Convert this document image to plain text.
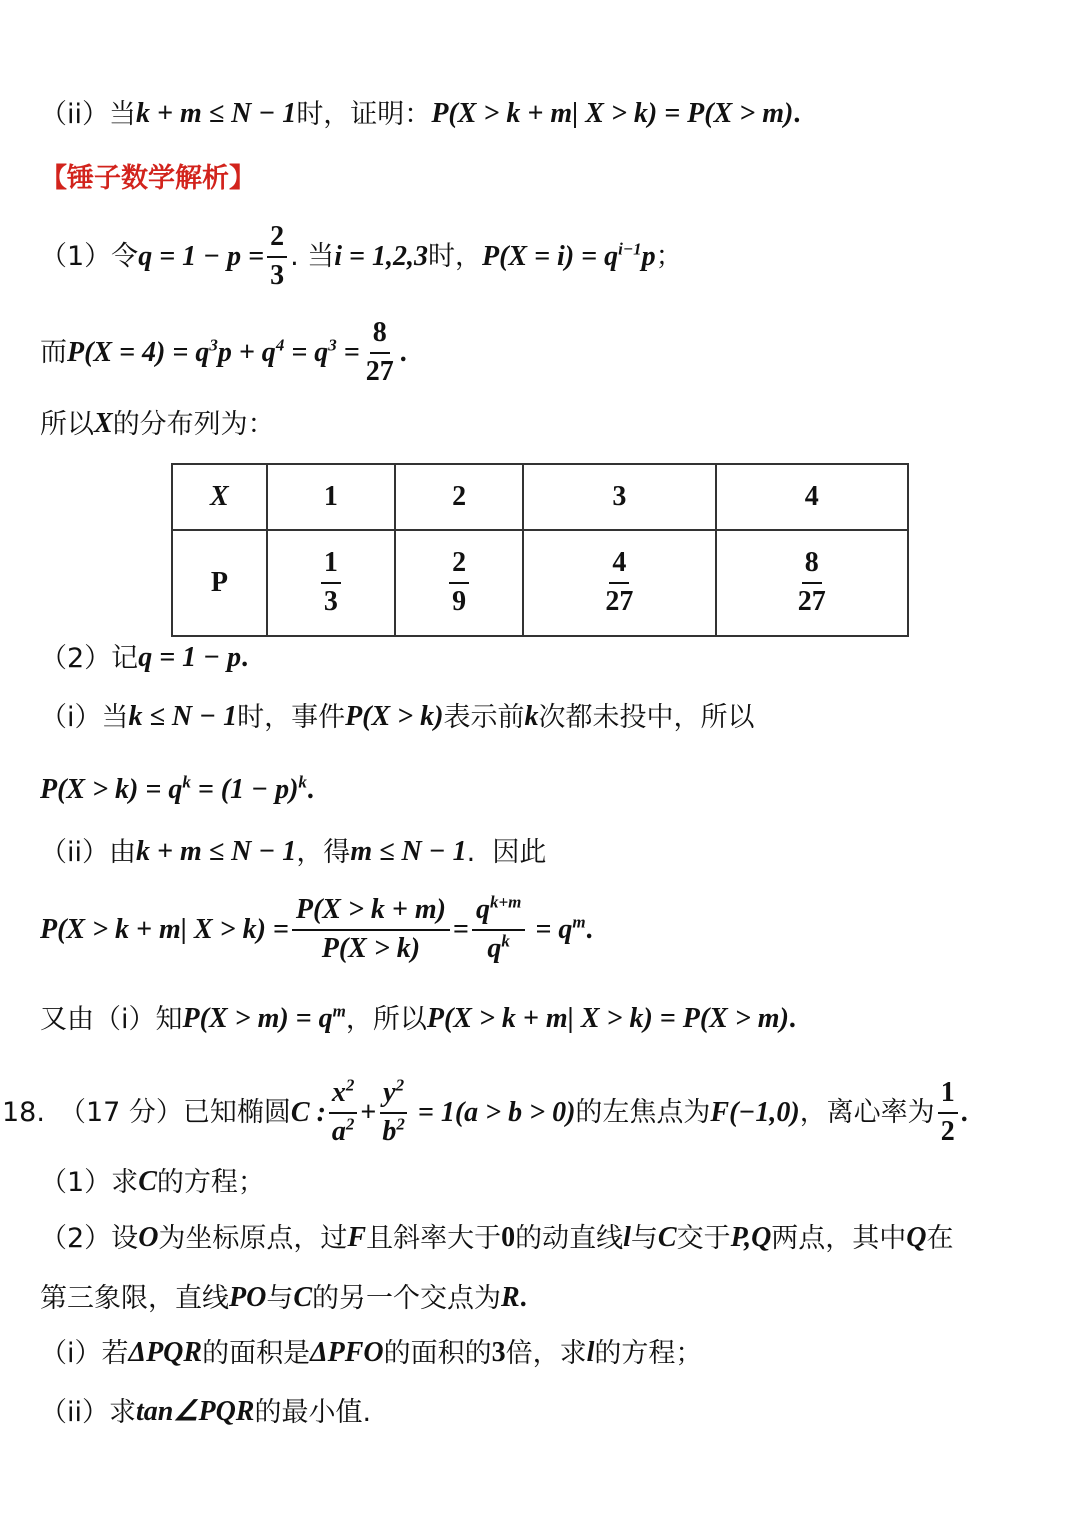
（ii） 当 k + m ≤ N − 1 时，证明： P(X > k + m| X > k) = P(X > m) .
【锤子数学解析】
（1）令 $q = 1 - p = \frac{2}{3}$ . 当 i = 1,2,3 时， $P(X = i) = q^{i-1}p$ ；
而 $P(X = 4) = q^3p + q^4 = q^3 = \frac{8}{27}$ .
所以 X 的分布列为：
X	1	2	3	4
P	$\frac{1}{3}$	$\frac{2}{9}$	$\frac{4}{27}$	$\frac{8}{27}$
（2）记 q = 1 − p .
（i）当 k ≤ N − 1 时，事件 P(X > k) 表示前 k 次都未投中，所以
$P(X > k) = q^k = (1 - p)^k$ .
（ii）由 k + m ≤ N − 1 ，得 m ≤ N − 1 .  因此
P(X > k + m| $X > k) = \frac{P(X > k + m)}{P(X > k)} = \frac{q^{k+m}}{q^k} = q^m$ .
又由（i）知 $P(X > m) = q^m$ ，所以 P(X > k + m| X > k) = P(X > m) .
18. （17 分）已知椭圆 C : $\frac{x^2}{a^2} + \frac{y^2}{b^2} = 1(a > b > 0)$ 的左焦点为 F(−1,0) ，离心率为 $\frac{1}{2}$ .
（1）求 C 的方程；
（2）设 O 为坐标原点，过 F 且斜率大于 0 的动直线 l 与 C 交于 P,Q 两点，其中 Q 在
第三象限，直线 PO 与 C 的另一个交点为 R .
（i）若 ΔPQR 的面积是 ΔPFO 的面积的 3 倍，求 l 的方程；
（ii）求 tan∠PQR 的最小值.
